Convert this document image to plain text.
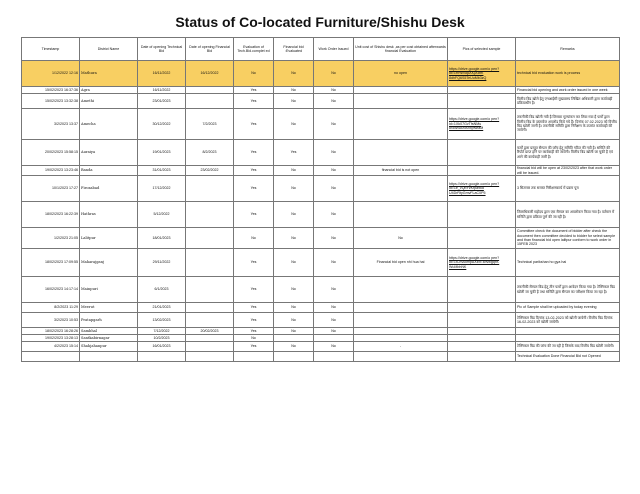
Status of Co-located Furniture/Shishu Desk
Timestamp	District Name	Date of opening Technical Bid	Date of opening Financial Bid	Evaluation of Tech.Bid.complet ed	Financial bid :Evaluated	Work Order Issued	Unit cost of Shishu desk ,as per cost obtained afterwards financial Evaluation	Pics of selected sample	Remarks
1/12/2022 12:16	Mathura	16/11/2022	16/12/2022	No	No	No	no open	https://drive.google.com/o pen?id=1RhW4qU0Qz3bK 8dhFQ6S5TeUuMb3zQ	technical bid evaluation work is process
15/02/2023 16:37:36	Agra	16/11/2022		Yes	No	No			Financial bid opening and work order issued in one week
15/02/2023 13:32:38	Amethi	23/01/2023		Yes	No	No			वित्तीय बिड खोले हेतु एनआईसी मुख्यालय लिखित अधिकारी द्वारा कार्यवाही प्रक्रियाधीन है।
3/2/2023 13:37	Amecha	30/12/2022	7/2/2023	Yes	No	No		https://drive.google.com/o pen?id=1Xk07GvTfsNMu 8NdWAfz5shxpfwfaM	तकनीकी बिड खोली गयी है जिसका मूल्यांकन कर लिया गया है फर्मों द्वारा वित्तीय बिड के दस्तावेज अपलोड किये गये हैं। दिनांक 07.02.2023 को वित्तीय बिड खोली जानी है। तकनीकी समिति द्वारा निरीक्षण के उपरांत कार्यवाही की जायेगी।
20/02/2023 15:58:15	Auraiya	19/01/2023	8/2/2023	Yes	Yes	No			फर्मों द्वारा प्रस्तुत सैम्पल की जाँच हेतु समिति गठित की गयी है। समिति की रिपोर्ट प्राप्त होने पर कार्यवाही की जायेगी। वित्तीय बिड खोली जा चुकी है एवं आगे की कार्यवाही जारी है।
19/02/2023 13:23:46	Banda	31/01/2023	23/02/2022	Yes	No	No	financial bid is not open		financial bid will be open at 23/02/2023 after that work order will be issued.
10/1/2023 17:27	Firozabad	17/12/2022		Yes	No	No		https://drive.google.com/o pen?id=1e_vQbYzKfpa9kd U4DrRtyGmvFLaC0P5	3 सितम्बर तक समस्त निरीक्षणकार्य में प्रक्रम पूरा
18/02/2023 16:22:39	Hathras	5/12/2022		Yes	No	No			जिलाधिकारी महोदय द्वारा एक सैम्पल का अवलोकन किया गया है। वर्तमान में समिति द्वारा प्रक्रिया पूर्ण की जा रही है।
1/2/2023 21:05	Lalitpur	18/01/2023		No	No	No	No		Committee check the document of bidder after check the document then committee decided to bidder for select sample and than financial bid open lalitpur conform to work order in 15FEB 2023
18/02/2023 17:09:55	Maharajganj	29/11/2022		Yes	No	No	Financial bid open nhi hua hai	https://drive.google.com/o pen?id=1tCmA5mpAXzM 4bvwgqnr-WuMbhNK	Technical parikshan ho gya hai
16/02/2023 14:17:14	Mainpuri	6/1/2023		Yes	No	No			तकनीकी सैम्पल बिड हेतु तीन फर्मों द्वारा आवेदन किया गया है। टेक्निकल बिड खोली जा चुकी है तथा समिति द्वारा सैम्पल का परीक्षण किया जा रहा है।
8/2/2023 11:29	Meerut	21/01/2023		Yes	No	No			Pic of Sample shall be uploaded by today evening
3/2/2023 10:53	Pratapgarh	13/02/2023		Yes	No	No			टेक्निकल बिड दिनांक 13-02-2023 को खोली जायेगी। वित्तीय बिड दिनांक 16-02-2023 को खोली जायेगी।
18/02/2023 16:28:26	Sambhal	7/12/2022	20/02/2023	Yes	No	No			
19/02/2023 13:28:13	Santkabirnagar	10/2/2023		No					
4/2/2023 15:14	Shahjahanpur	16/01/2023		Yes	No	No	-		टेक्निकल बिड की जांच की जा रही है जिसके बाद वित्तीय बिड खोली जायेगी।
									Technical Evaluation Done Financial Bid not Opened
